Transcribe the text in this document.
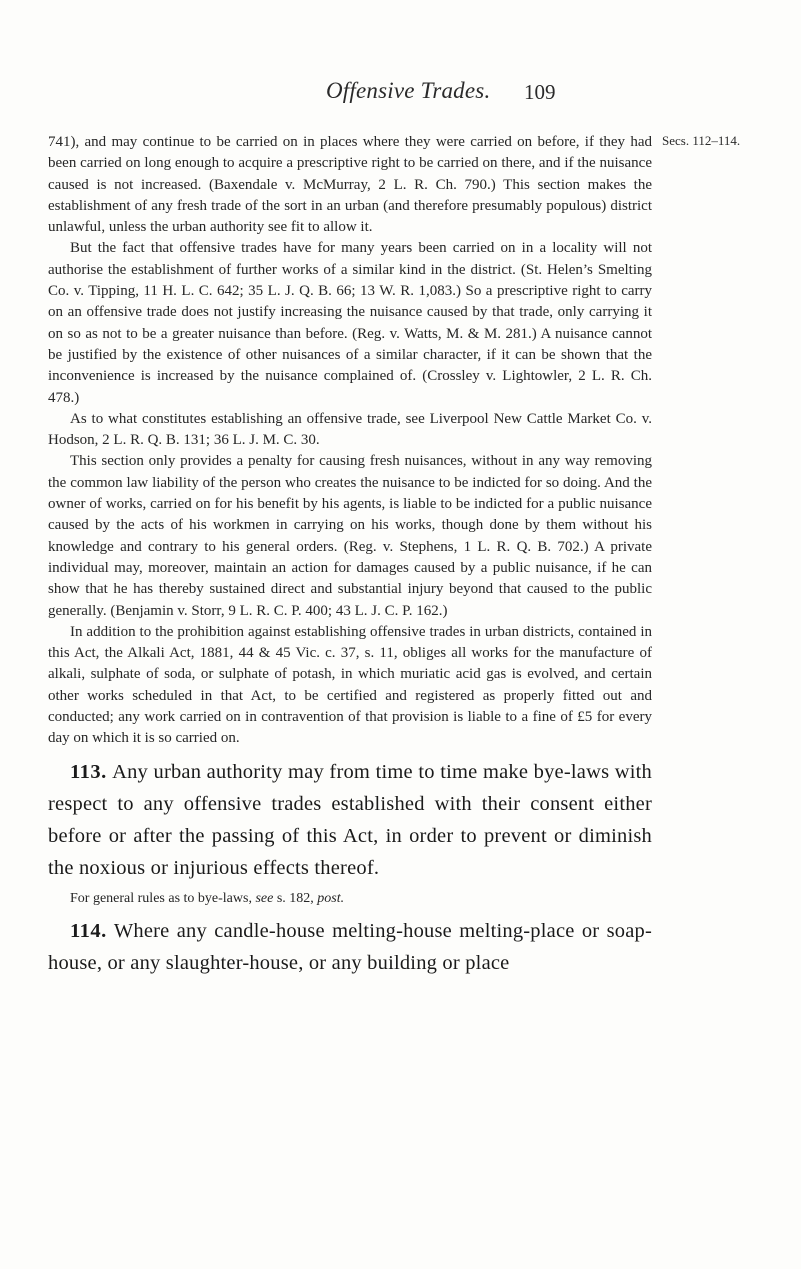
Offensive Trades. 109
Secs. 112–114.

741), and may continue to be carried on in places where they were carried on before, if they had been carried on long enough to acquire a prescriptive right to be carried on there, and if the nuisance caused is not increased. (Baxendale v. McMurray, 2 L. R. Ch. 790.) This section makes the establishment of any fresh trade of the sort in an urban (and therefore presumably populous) district unlawful, unless the urban authority see fit to allow it.

But the fact that offensive trades have for many years been carried on in a locality will not authorise the establishment of further works of a similar kind in the district. (St. Helen’s Smelting Co. v. Tipping, 11 H. L. C. 642; 35 L. J. Q. B. 66; 13 W. R. 1,083.) So a prescriptive right to carry on an offensive trade does not justify increasing the nuisance caused by that trade, only carrying it on so as not to be a greater nuisance than before. (Reg. v. Watts, M. & M. 281.) A nuisance cannot be justified by the existence of other nuisances of a similar character, if it can be shown that the inconvenience is increased by the nuisance complained of. (Crossley v. Lightowler, 2 L. R. Ch. 478.)

As to what constitutes establishing an offensive trade, see Liverpool New Cattle Market Co. v. Hodson, 2 L. R. Q. B. 131; 36 L. J. M. C. 30.

This section only provides a penalty for causing fresh nuisances, without in any way removing the common law liability of the person who creates the nuisance to be indicted for so doing. And the owner of works, carried on for his benefit by his agents, is liable to be indicted for a public nuisance caused by the acts of his workmen in carrying on his works, though done by them without his knowledge and contrary to his general orders. (Reg. v. Stephens, 1 L. R. Q. B. 702.) A private individual may, moreover, maintain an action for damages caused by a public nuisance, if he can show that he has thereby sustained direct and substantial injury beyond that caused to the public generally. (Benjamin v. Storr, 9 L. R. C. P. 400; 43 L. J. C. P. 162.)

In addition to the prohibition against establishing offensive trades in urban districts, contained in this Act, the Alkali Act, 1881, 44 & 45 Vic. c. 37, s. 11, obliges all works for the manufacture of alkali, sulphate of soda, or sulphate of potash, in which muriatic acid gas is evolved, and certain other works scheduled in that Act, to be certified and registered as properly fitted out and conducted; any work carried on in contravention of that provision is liable to a fine of £5 for every day on which it is so carried on.

113. Any urban authority may from time to time make bye-laws with respect to any offensive trades established with their consent either before or after the passing of this Act, in order to prevent or diminish the noxious or injurious effects thereof.

For general rules as to bye-laws, see s. 182, post.

114. Where any candle-house melting-house melting-place or soap-house, or any slaughter-house, or any building or place
